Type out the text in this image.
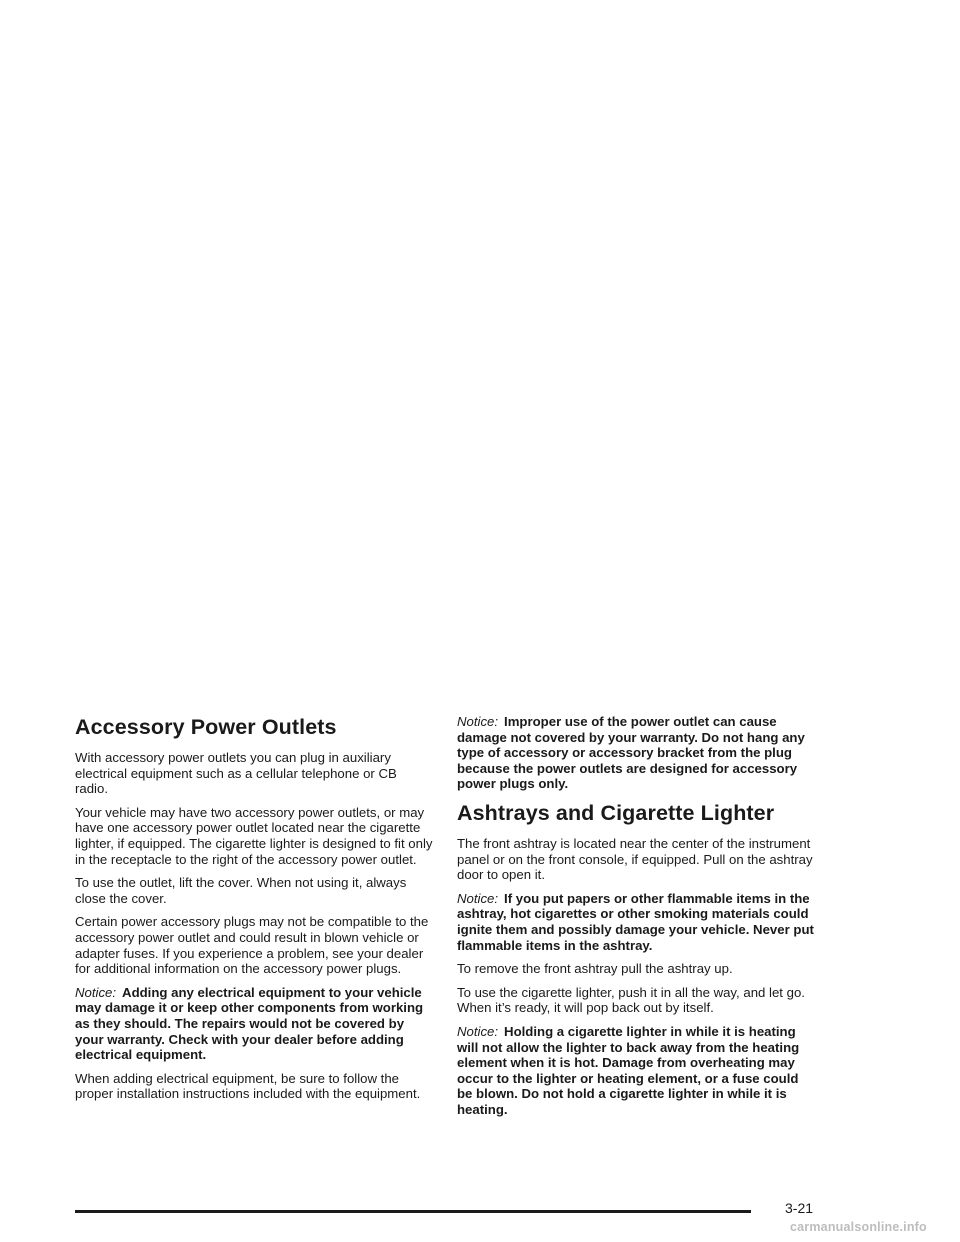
Accessory Power Outlets

With accessory power outlets you can plug in auxiliary electrical equipment such as a cellular telephone or CB radio.

Your vehicle may have two accessory power outlets, or may have one accessory power outlet located near the cigarette lighter, if equipped. The cigarette lighter is designed to fit only in the receptacle to the right of the accessory power outlet.

To use the outlet, lift the cover. When not using it, always close the cover.

Certain power accessory plugs may not be compatible to the accessory power outlet and could result in blown vehicle or adapter fuses. If you experience a problem, see your dealer for additional information on the accessory power plugs.

Notice: Adding any electrical equipment to your vehicle may damage it or keep other components from working as they should. The repairs would not be covered by your warranty. Check with your dealer before adding electrical equipment.

When adding electrical equipment, be sure to follow the proper installation instructions included with the equipment.

Notice: Improper use of the power outlet can cause damage not covered by your warranty. Do not hang any type of accessory or accessory bracket from the plug because the power outlets are designed for accessory power plugs only.

Ashtrays and Cigarette Lighter

The front ashtray is located near the center of the instrument panel or on the front console, if equipped. Pull on the ashtray door to open it.

Notice: If you put papers or other flammable items in the ashtray, hot cigarettes or other smoking materials could ignite them and possibly damage your vehicle. Never put flammable items in the ashtray.

To remove the front ashtray pull the ashtray up.

To use the cigarette lighter, push it in all the way, and let go. When it’s ready, it will pop back out by itself.

Notice: Holding a cigarette lighter in while it is heating will not allow the lighter to back away from the heating element when it is hot. Damage from overheating may occur to the lighter or heating element, or a fuse could be blown. Do not hold a cigarette lighter in while it is heating.

3-21
carmanualsonline.info
